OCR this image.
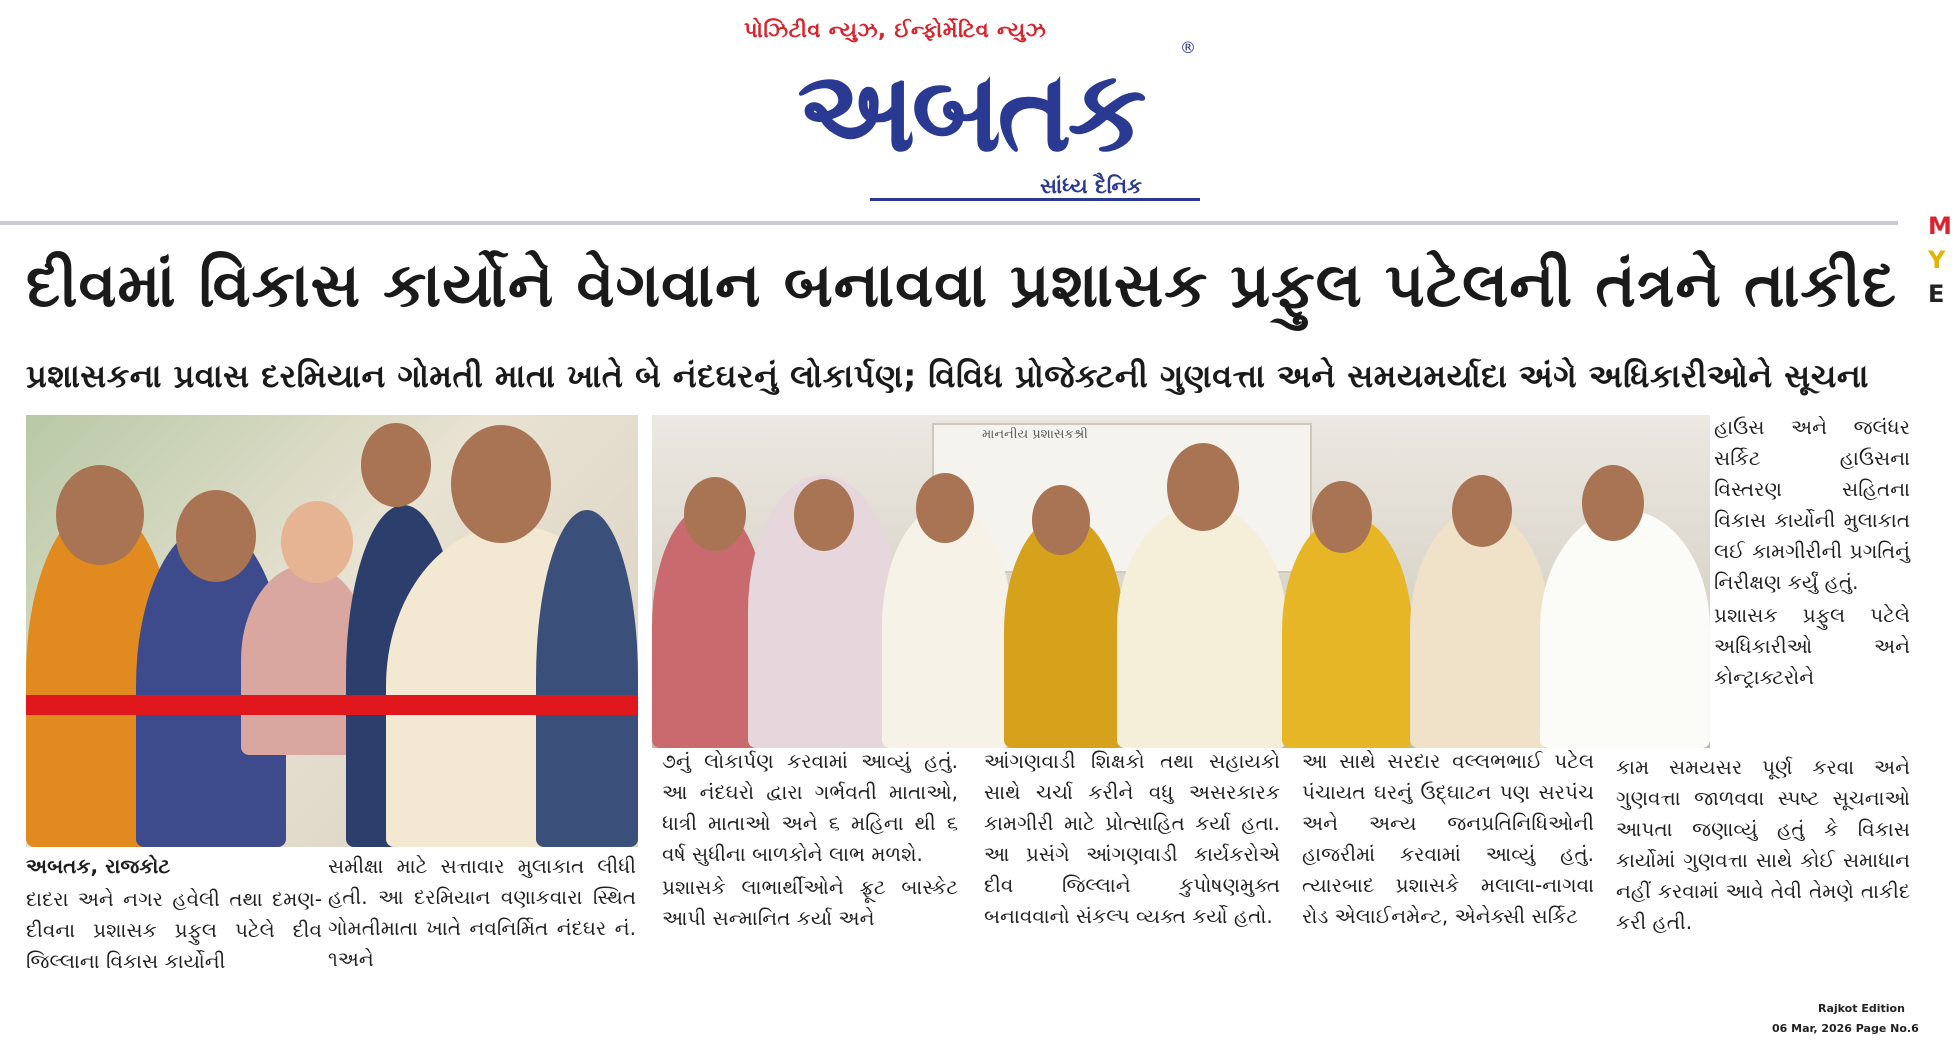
પોઝિટીવ ન્યુઝ, ઈન્ફોર્મેટિવ ન્યુઝ
અબતક	®
સાંધ્ય દૈનિક
M
Y
E
દીવમાં વિકાસ કાર્યોને વેગવાન બનાવવા પ્રશાસક પ્રફુલ પટેલની તંત્રને તાકીદ
પ્રશાસકના પ્રવાસ દરમિયાન ગોમતી માતા ખાતે બે નંદઘરનું લોકાર્પણ; વિવિધ પ્રોજેક્ટની ગુણવત્તા અને સમયમર્યાદા અંગે અધિકારીઓને સૂચના
માનનીય પ્રશાસકશ્રી

અબતક, રાજકોટ

દાદરા અને નગર હવેલી તથા દમણ-દીવના પ્રશાસક પ્રફુલ પટેલે દીવ જિલ્લાના વિકાસ કાર્યોની

સમીક્ષા માટે સત્તાવાર મુલાકાત લીધી હતી. આ દરમિયાન વણાકવારા સ્થિત ગોમતીમાતા ખાતે નવનિર્મિત નંદઘર નં. ૧અને

૭નું લોકાર્પણ કરવામાં આવ્યું હતું. આ નંદઘરો દ્વારા ગર્ભવતી માતાઓ, ધાત્રી માતાઓ અને ૬ મહિના થી ૬ વર્ષ સુધીના બાળકોને લાભ મળશે.

પ્રશાસકે લાભાર્થીઓને ફ્રૂટ બાસ્કેટ આપી સન્માનિત કર્યા અને

આંગણવાડી શિક્ષકો તથા સહાયકો સાથે ચર્ચા કરીને વધુ અસરકારક કામગીરી માટે પ્રોત્સાહિત કર્યા હતા. આ પ્રસંગે આંગણવાડી કાર્યકરોએ દીવ જિલ્લાને કુપોષણમુક્ત બનાવવાનો સંકલ્પ વ્યક્ત કર્યો હતો.

આ સાથે સરદાર વલ્લભભાઈ પટેલ પંચાયત ઘરનું ઉદ્ઘાટન પણ સરપંચ અને અન્ય જનપ્રતિનિધિઓની હાજરીમાં કરવામાં આવ્યું હતું. ત્યારબાદ પ્રશાસકે મલાલા-નાગવા રોડ એલાઈનમેન્ટ, એનેક્સી સર્કિટ

હાઉસ અને જલંધર સર્કિટ હાઉસના વિસ્તરણ સહિતના વિકાસ કાર્યોની મુલાકાત લઈ કામગીરીની પ્રગતિનું નિરીક્ષણ કર્યું હતું.

પ્રશાસક પ્રફુલ પટેલે અધિકારીઓ અને કોન્ટ્રાક્ટરોને

કામ સમયસર પૂર્ણ કરવા અને ગુણવત્તા જાળવવા સ્પષ્ટ સૂચનાઓ આપતા જણાવ્યું હતું કે વિકાસ કાર્યોમાં ગુણવત્તા સાથે કોઈ સમાધાન નહીં કરવામાં આવે તેવી તેમણે તાકીદ કરી હતી.

Rajkot Edition
06 Mar, 2026 Page No.6
